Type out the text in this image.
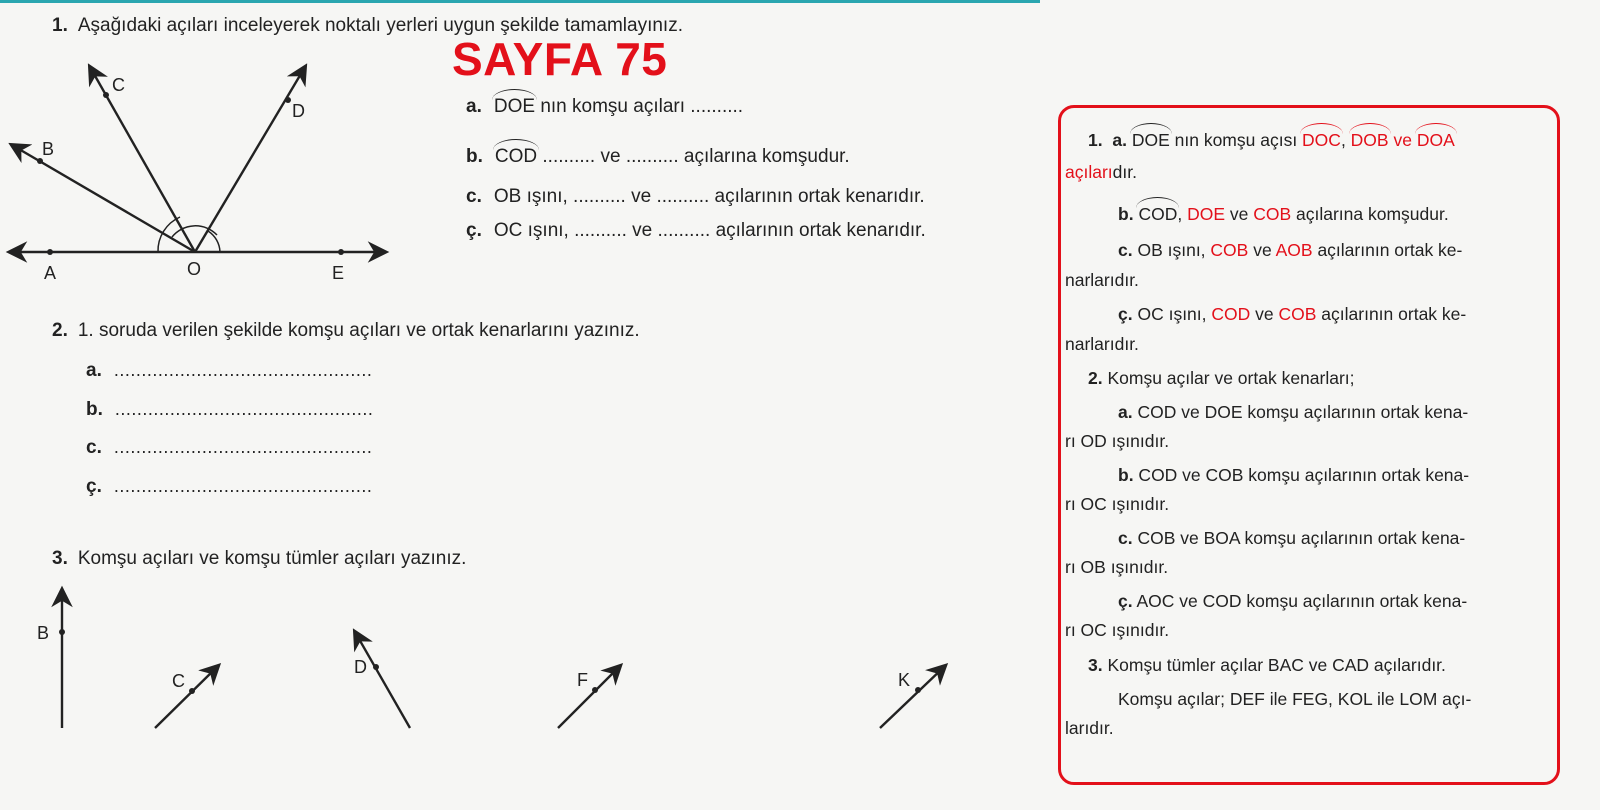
1. Aşağıdaki açıları inceleyerek noktalı yerleri uygun şekilde tamamlayınız.
SAYFA 75
A	O	E
B
C
D	a. DOE nın komşu açıları ..........
b. COD .......... ve .......... açılarına komşudur.
c. OB ışını, .......... ve .......... açılarının ortak kenarıdır.
ç. OC ışını, .......... ve .......... açılarının ortak kenarıdır.
2. 1. soruda verilen şekilde komşu açıları ve ortak kenarlarını yazınız.
a. ...............................................
b. ...............................................
c. ...............................................
ç. ...............................................
3. Komşu açıları ve komşu tümler açıları yazınız.
B
C
D
F	K
1. a. DOE nın komşu açısı DOC, DOB ve DOA
açılarıdır.
b. COD, DOE ve COB açılarına komşudur.
c. OB ışını, COB ve AOB açılarının ortak ke-
narlarıdır.
ç. OC ışını, COD ve COB açılarının ortak ke-
narlarıdır.
2. Komşu açılar ve ortak kenarları;
a. COD ve DOE komşu açılarının ortak kena-
rı OD ışınıdır.
b. COD ve COB komşu açılarının ortak kena-
rı OC ışınıdır.
c. COB ve BOA komşu açılarının ortak kena-
rı OB ışınıdır.
ç. AOC ve COD komşu açılarının ortak kena-
rı OC ışınıdır.
3. Komşu tümler açılar BAC ve CAD açılarıdır.
Komşu açılar; DEF ile FEG, KOL ile LOM açı-
larıdır.
